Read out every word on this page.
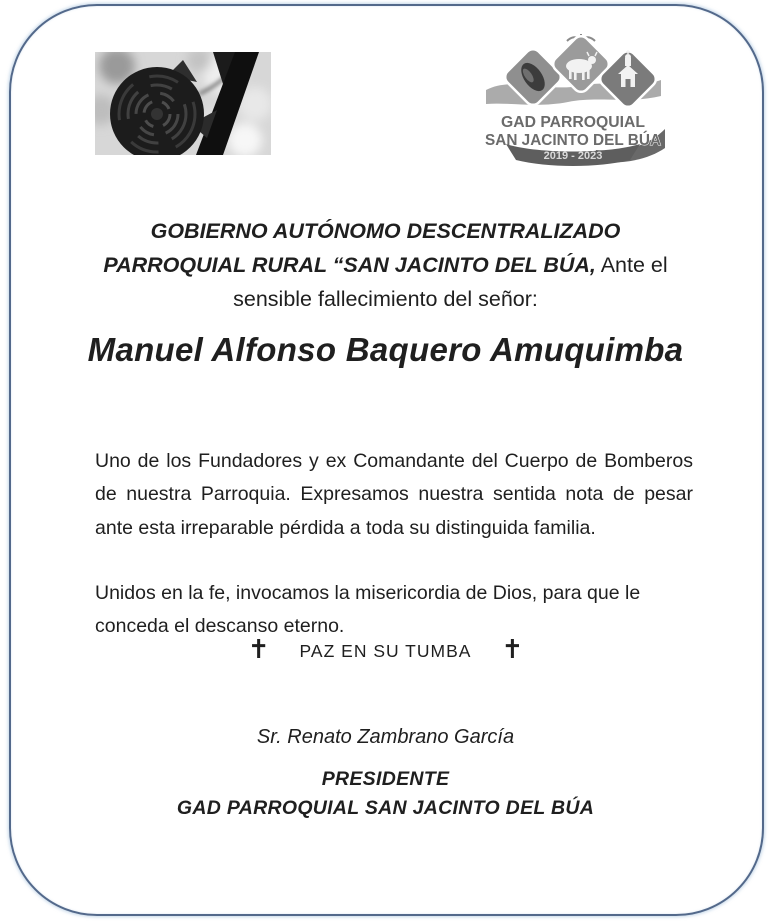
GAD PARROQUIAL
SAN JACINTO DEL BÚA
2019 - 2023

GOBIERNO AUTÓNOMO DESCENTRALIZADO PARROQUIAL RURAL “SAN JACINTO DEL BÚA, Ante el sensible fallecimiento del señor:

Manuel Alfonso Baquero Amuquimba

Uno de los Fundadores y ex Comandante del Cuerpo de Bomberos de nuestra Parroquia. Expresamos nuestra sentida nota de pesar ante esta irreparable pérdida a toda su distinguida familia.

Unidos en la fe, invocamos la misericordia de Dios, para que le conceda el descanso eterno.

✝ PAZ EN SU TUMBA ✝
Sr. Renato Zambrano García
PRESIDENTE
GAD PARROQUIAL SAN JACINTO DEL BÚA
